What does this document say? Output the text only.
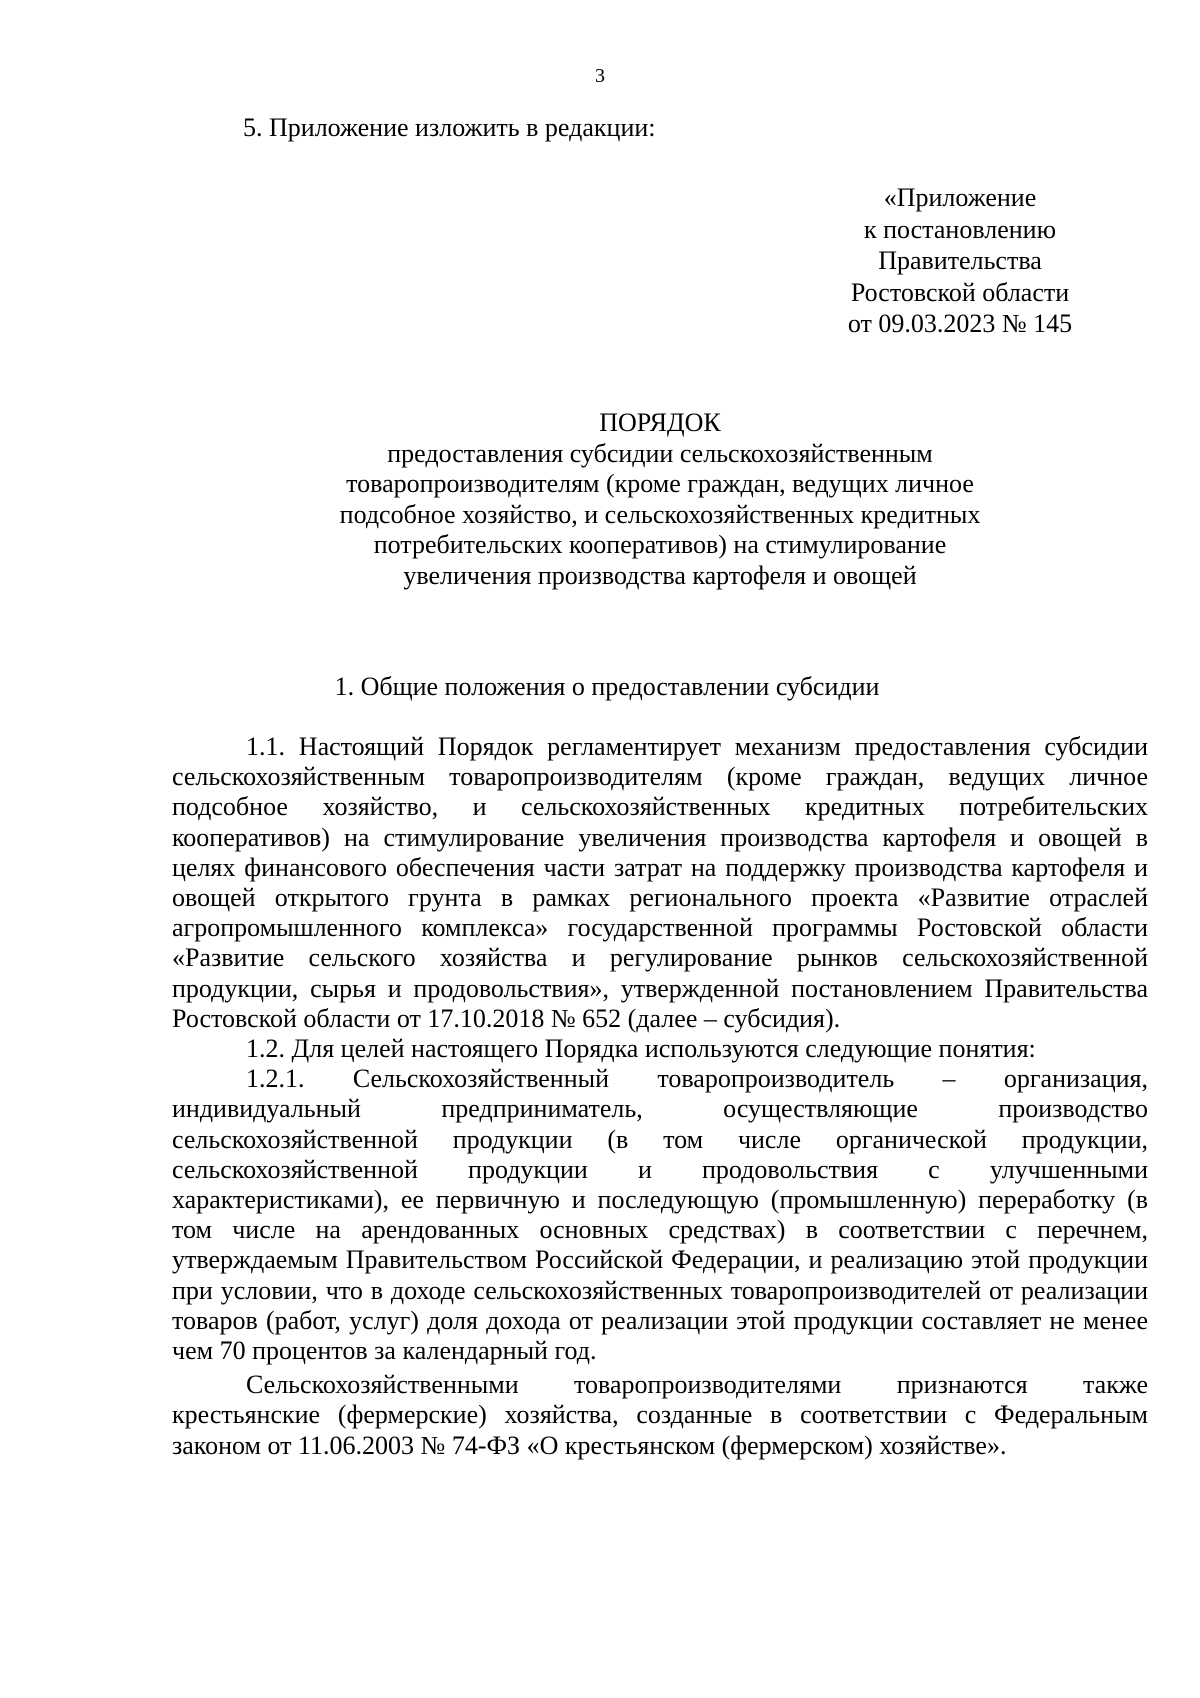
3

5. Приложение изложить в редакции:

«Приложение
к постановлению
Правительства
Ростовской области
от 09.03.2023 № 145
ПОРЯДОК
предоставления субсидии сельскохозяйственным
товаропроизводителям (кроме граждан, ведущих личное
подсобное хозяйство, и сельскохозяйственных кредитных
потребительских кооперативов) на стимулирование
увеличения производства картофеля и овощей
1. Общие положения о предоставлении субсидии

1.1. Настоящий Порядок регламентирует механизм предоставления субсидии сельскохозяйственным товаропроизводителям (кроме граждан, ведущих личное подсобное хозяйство, и сельскохозяйственных кредитных потребительских кооперативов) на стимулирование увеличения производства картофеля и овощей в целях финансового обеспечения части затрат на поддержку производства картофеля и овощей открытого грунта в рамках регионального проекта «Развитие отраслей агропромышленного комплекса» государственной программы Ростовской области «Развитие сельского хозяйства и регулирование рынков сельскохозяйственной продукции, сырья и продовольствия», утвержденной постановлением Правительства Ростовской области от 17.10.2018 № 652 (далее – субсидия).

1.2. Для целей настоящего Порядка используются следующие понятия:

1.2.1. Сельскохозяйственный товаропроизводитель – организация, индивидуальный предприниматель, осуществляющие производство сельскохозяйственной продукции (в том числе органической продукции, сельскохозяйственной продукции и продовольствия с улучшенными характеристиками), ее первичную и последующую (промышленную) переработку (в том числе на арендованных основных средствах) в соответствии с перечнем, утверждаемым Правительством Российской Федерации, и реализацию этой продукции при условии, что в доходе сельскохозяйственных товаропроизводителей от реализации товаров (работ, услуг) доля дохода от реализации этой продукции составляет не менее чем 70 процентов за календарный год.

Сельскохозяйственными товаропроизводителями признаются также крестьянские (фермерские) хозяйства, созданные в соответствии с Федеральным законом от 11.06.2003 № 74-ФЗ «О крестьянском (фермерском) хозяйстве».
